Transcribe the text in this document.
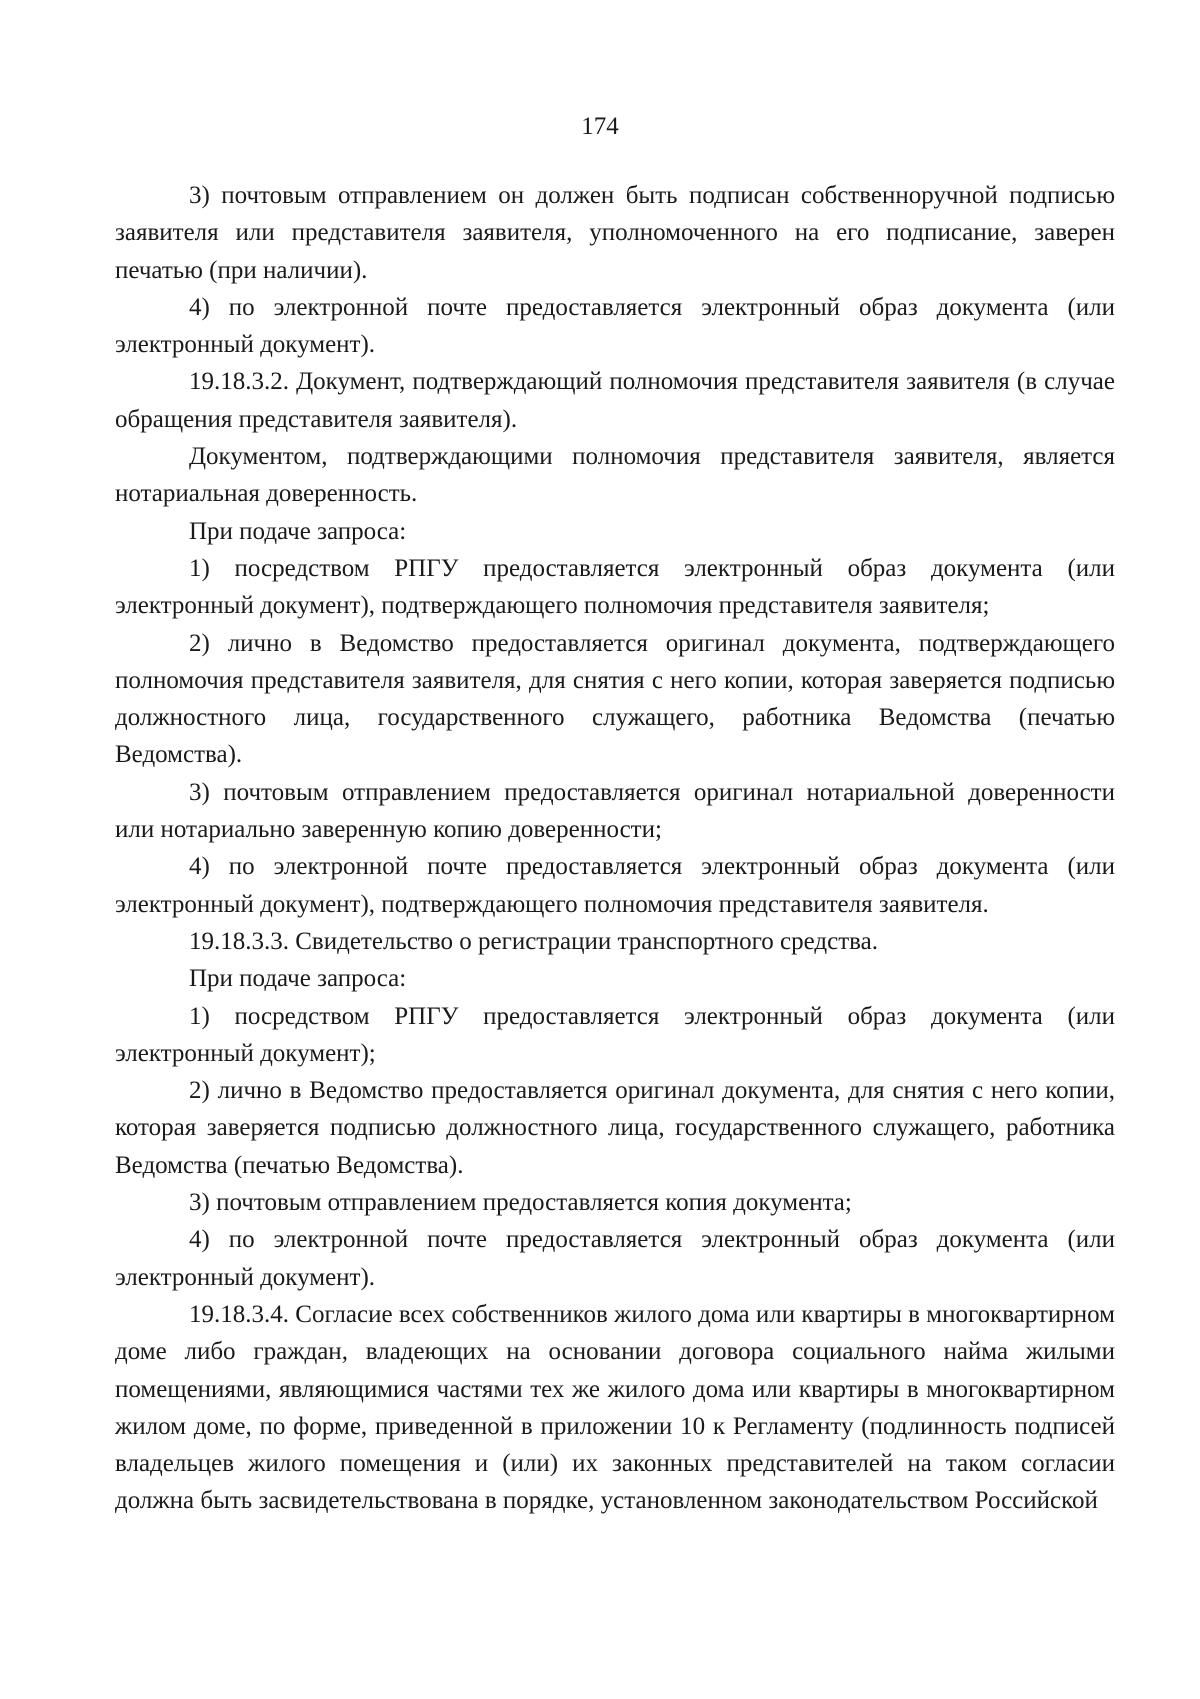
174

3) почтовым отправлением он должен быть подписан собственноручной подписью заявителя или представителя заявителя, уполномоченного на его подписание, заверен печатью (при наличии).

4) по электронной почте предоставляется электронный образ документа (или электронный документ).

19.18.3.2. Документ, подтверждающий полномочия представителя заявителя (в случае обращения представителя заявителя).

Документом, подтверждающими полномочия представителя заявителя, является нотариальная доверенность.

При подаче запроса:

1) посредством РПГУ предоставляется электронный образ документа (или электронный документ), подтверждающего полномочия представителя заявителя;

2) лично в Ведомство предоставляется оригинал документа, подтверждающего полномочия представителя заявителя, для снятия с него копии, которая заверяется подписью должностного лица, государственного служащего, работника Ведомства (печатью Ведомства).

3) почтовым отправлением предоставляется оригинал нотариальной доверенности или нотариально заверенную копию доверенности;

4) по электронной почте предоставляется электронный образ документа (или электронный документ), подтверждающего полномочия представителя заявителя.

19.18.3.3. Свидетельство о регистрации транспортного средства.

При подаче запроса:

1) посредством РПГУ предоставляется электронный образ документа (или электронный документ);

2) лично в Ведомство предоставляется оригинал документа, для снятия с него копии, которая заверяется подписью должностного лица, государственного служащего, работника Ведомства (печатью Ведомства).

3) почтовым отправлением предоставляется копия документа;

4) по электронной почте предоставляется электронный образ документа (или электронный документ).

19.18.3.4. Согласие всех собственников жилого дома или квартиры в многоквартирном доме либо граждан, владеющих на основании договора социального найма жилыми помещениями, являющимися частями тех же жилого дома или квартиры в многоквартирном жилом доме, по форме, приведенной в приложении 10 к Регламенту (подлинность подписей владельцев жилого помещения и (или) их законных представителей на таком согласии должна быть засвидетельствована в порядке, установленном законодательством Российской
